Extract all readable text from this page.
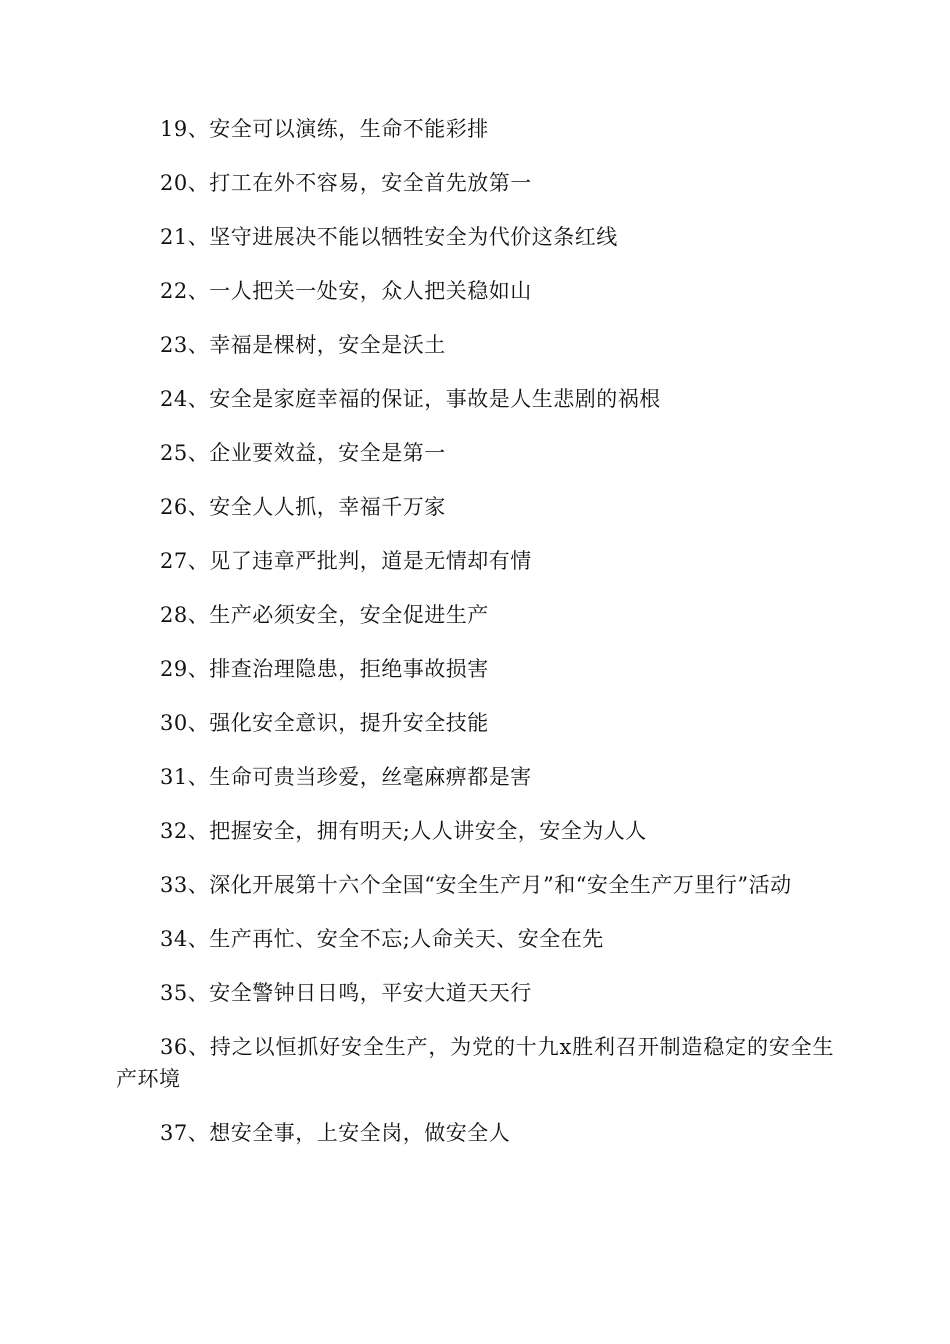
19、安全可以演练，生命不能彩排
20、打工在外不容易，安全首先放第一
21、坚守进展决不能以牺牲安全为代价这条红线
22、一人把关一处安，众人把关稳如山
23、幸福是棵树，安全是沃土
24、安全是家庭幸福的保证，事故是人生悲剧的祸根
25、企业要效益，安全是第一
26、安全人人抓，幸福千万家
27、见了违章严批判，道是无情却有情
28、生产必须安全，安全促进生产
29、排查治理隐患，拒绝事故损害
30、强化安全意识，提升安全技能
31、生命可贵当珍爱，丝毫麻痹都是害
32、把握安全，拥有明天;人人讲安全，安全为人人
33、深化开展第十六个全国“安全生产月”和“安全生产万里行”活动
34、生产再忙、安全不忘;人命关天、安全在先
35、安全警钟日日鸣，平安大道天天行
36、持之以恒抓好安全生产，为党的十九x胜利召开制造稳定的安全生产环境
37、想安全事，上安全岗，做安全人
